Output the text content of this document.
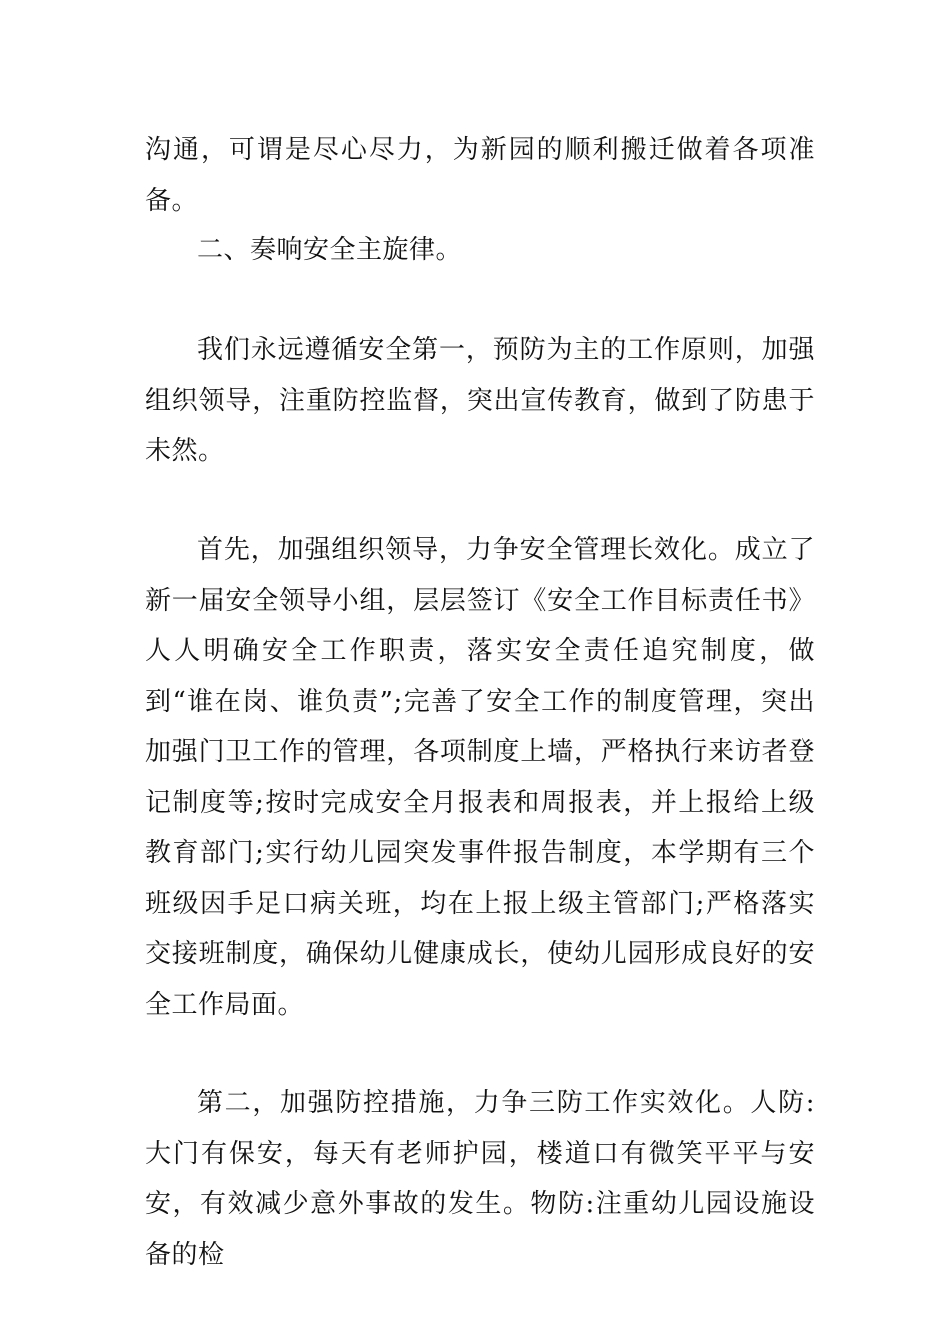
沟通，可谓是尽心尽力，为新园的顺利搬迁做着各项准备。

二、奏响安全主旋律。

我们永远遵循安全第一，预防为主的工作原则，加强组织领导，注重防控监督，突出宣传教育，做到了防患于未然。

首先，加强组织领导，力争安全管理长效化。成立了新一届安全领导小组，层层签订《安全工作目标责任书》人人明确安全工作职责，落实安全责任追究制度，做到“谁在岗、谁负责”;完善了安全工作的制度管理，突出加强门卫工作的管理，各项制度上墙，严格执行来访者登记制度等;按时完成安全月报表和周报表，并上报给上级教育部门;实行幼儿园突发事件报告制度，本学期有三个班级因手足口病关班，均在上报上级主管部门;严格落实交接班制度，确保幼儿健康成长，使幼儿园形成良好的安全工作局面。

第二，加强防控措施，力争三防工作实效化。人防:大门有保安，每天有老师护园，楼道口有微笑平平与安安，有效减少意外事故的发生。物防:注重幼儿园设施设备的检
